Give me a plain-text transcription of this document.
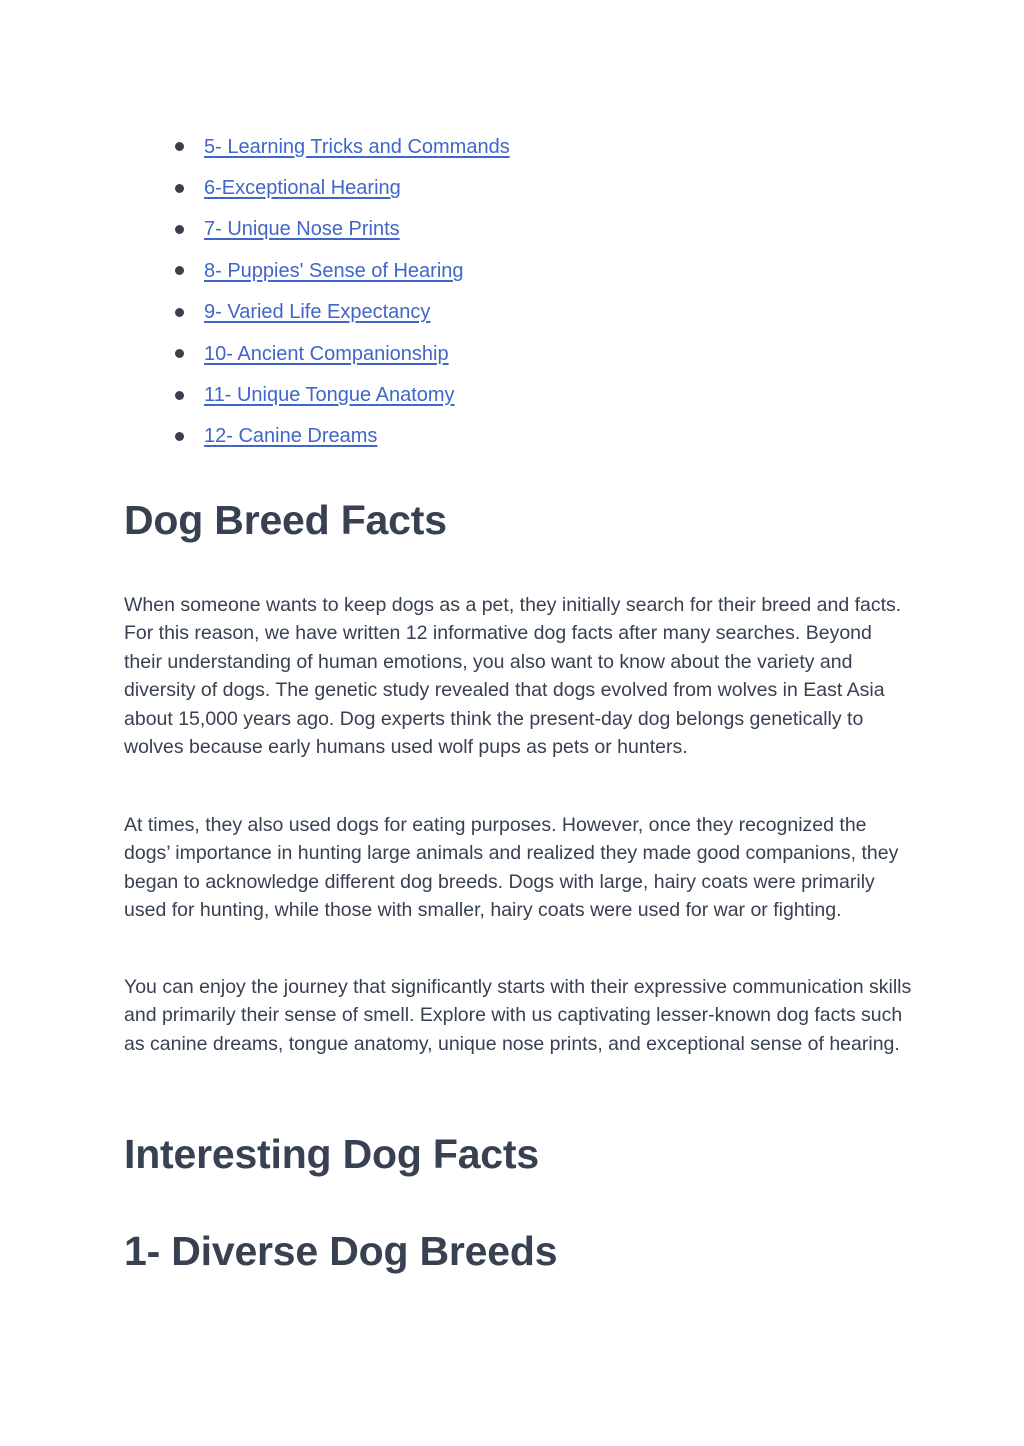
5- Learning Tricks and Commands
6-Exceptional Hearing
7- Unique Nose Prints
8- Puppies' Sense of Hearing
9- Varied Life Expectancy
10- Ancient Companionship
11- Unique Tongue Anatomy
12- Canine Dreams
Dog Breed Facts

When someone wants to keep dogs as a pet, they initially search for their breed and facts. For this reason, we have written 12 informative dog facts after many searches. Beyond their understanding of human emotions, you also want to know about the variety and diversity of dogs. The genetic study revealed that dogs evolved from wolves in East Asia about 15,000 years ago. Dog experts think the present-day dog belongs genetically to wolves because early humans used wolf pups as pets or hunters.

At times, they also used dogs for eating purposes. However, once they recognized the dogs’ importance in hunting large animals and realized they made good companions, they began to acknowledge different dog breeds. Dogs with large, hairy coats were primarily used for hunting, while those with smaller, hairy coats were used for war or fighting.

You can enjoy the journey that significantly starts with their expressive communication skills and primarily their sense of smell. Explore with us captivating lesser-known dog facts such as canine dreams, tongue anatomy, unique nose prints, and exceptional sense of hearing.

Interesting Dog Facts
1- Diverse Dog Breeds
